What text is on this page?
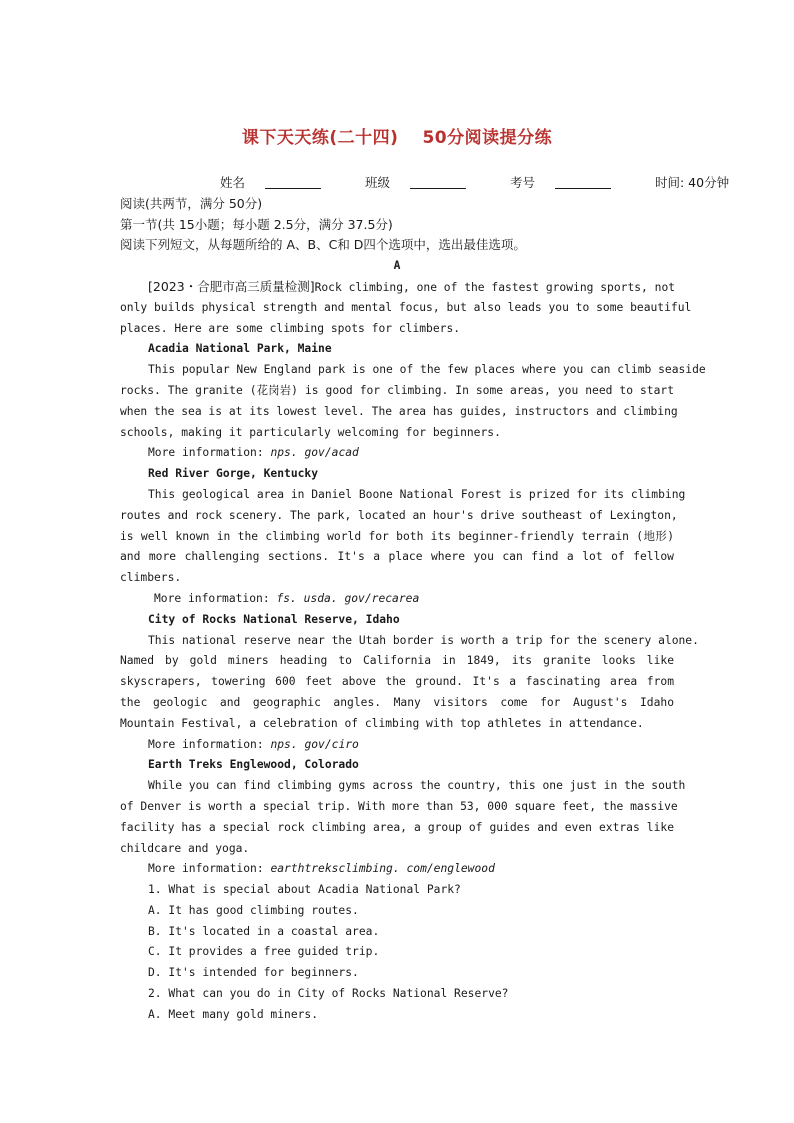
课下天天练(二十四) 50分阅读提分练
姓名	班级	考号	时间: 40分钟
阅读(共两节，满分 50分)
第一节(共 15小题；每小题 2.5分，满分 37.5分)
阅读下列短文，从每题所给的 A、B、C和 D四个选项中，选出最佳选项。
A
[2023・合肥市高三质量检测]Rock climbing, one of the fastest growing sports, not
only builds physical strength and mental focus, but also leads you to some beautiful
places. Here are some climbing spots for climbers.
Acadia National Park, Maine
This popular New England park is one of the few places where you can climb seaside
rocks. The granite (花岗岩) is good for climbing. In some areas, you need to start
when the sea is at its lowest level. The area has guides, instructors and climbing
schools, making it particularly welcoming for beginners.
More information: nps. gov/acad
Red River Gorge, Kentucky
This geological area in Daniel Boone National Forest is prized for its climbing
routes and rock scenery. The park, located an hour's drive southeast of Lexington,
is well known in the climbing world for both its beginner-friendly terrain (地形)
and more challenging sections. It's a place where you can find a lot of fellow
climbers.
More information: fs. usda. gov/recarea
City of Rocks National Reserve, Idaho
This national reserve near the Utah border is worth a trip for the scenery alone.
Named by gold miners heading to California in 1849, its granite looks like
skyscrapers, towering 600 feet above the ground. It's a fascinating area from
the geologic and geographic angles. Many visitors come for August's Idaho
Mountain Festival, a celebration of climbing with top athletes in attendance.
More information: nps. gov/ciro
Earth Treks Englewood, Colorado
While you can find climbing gyms across the country, this one just in the south
of Denver is worth a special trip. With more than 53, 000 square feet, the massive
facility has a special rock climbing area, a group of guides and even extras like
childcare and yoga.
More information: earthtreksclimbing. com/englewood
1. What is special about Acadia National Park?
A. It has good climbing routes.
B. It's located in a coastal area.
C. It provides a free guided trip.
D. It's intended for beginners.
2. What can you do in City of Rocks National Reserve?
A. Meet many gold miners.
